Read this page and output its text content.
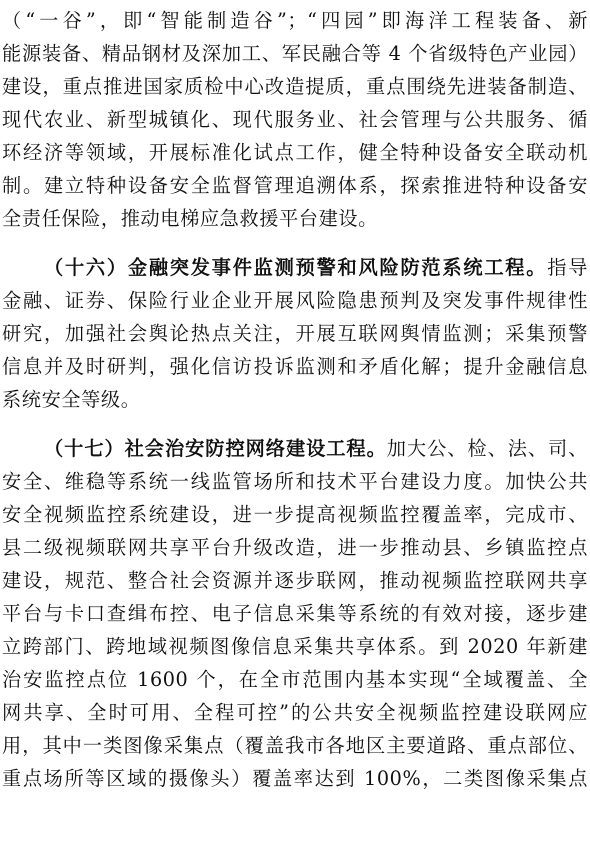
（“一谷”，即“智能制造谷”；“四园”即海洋工程装备、新
能源装备、精品钢材及深加工、军民融合等 4 个省级特色产业园）
建设，重点推进国家质检中心改造提质，重点围绕先进装备制造、
现代农业、新型城镇化、现代服务业、社会管理与公共服务、循
环经济等领域，开展标准化试点工作，健全特种设备安全联动机
制。建立特种设备安全监督管理追溯体系，探索推进特种设备安
全责任保险，推动电梯应急救援平台建设。
（十六）金融突发事件监测预警和风险防范系统工程。指导
金融、证券、保险行业企业开展风险隐患预判及突发事件规律性
研究，加强社会舆论热点关注，开展互联网舆情监测；采集预警
信息并及时研判，强化信访投诉监测和矛盾化解；提升金融信息
系统安全等级。
（十七）社会治安防控网络建设工程。加大公、检、法、司、
安全、维稳等系统一线监管场所和技术平台建设力度。加快公共
安全视频监控系统建设，进一步提高视频监控覆盖率，完成市、
县二级视频联网共享平台升级改造，进一步推动县、乡镇监控点
建设，规范、整合社会资源并逐步联网，推动视频监控联网共享
平台与卡口查缉布控、电子信息采集等系统的有效对接，逐步建
立跨部门、跨地域视频图像信息采集共享体系。到 2020 年新建
治安监控点位 1600 个，在全市范围内基本实现“全域覆盖、全
网共享、全时可用、全程可控”的公共安全视频监控建设联网应
用，其中一类图像采集点（覆盖我市各地区主要道路、重点部位、
重点场所等区域的摄像头）覆盖率达到 100%，二类图像采集点
